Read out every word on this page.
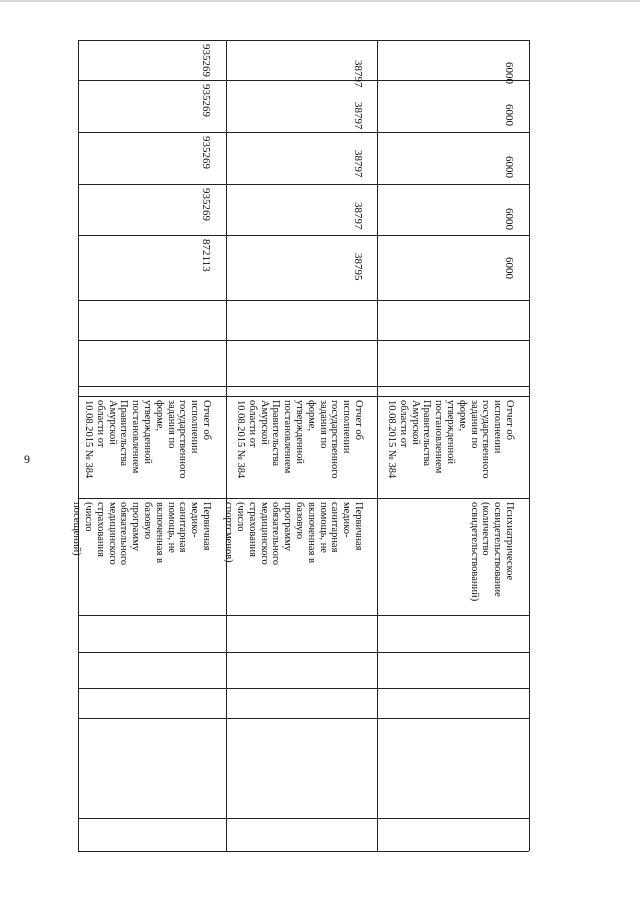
9
Первичная медико-
санитарная помощь, не
включенная в базовую
программу
обязательного
медицинского
страхования (число
посещений)
Отчет об
исполнении
государственного
задания по
форме,
утвержденной
постановлением
Правительства
Амурской
области от
10.08.2015 № 384
872113
935269
935269
935269
935269
Первичная медико-
санитарная помощь, не
включенная в базовую
программу
обязательного
медицинского
страхования (число
спортсменов)
Отчет об
исполнении
государственного
задания по
форме,
утвержденной
постановлением
Правительства
Амурской
области от
10.08.2015 № 384
38795
38797
38797
38797
38797
Психиатрическое
освидетельствование
(количество
освидетельствований)
Отчет об
исполнении
государственного
задания по
форме,
утвержденной
постановлением
Правительства
Амурской
области от
10.08.2015 № 384
6000
6000
6000
6000
6000
